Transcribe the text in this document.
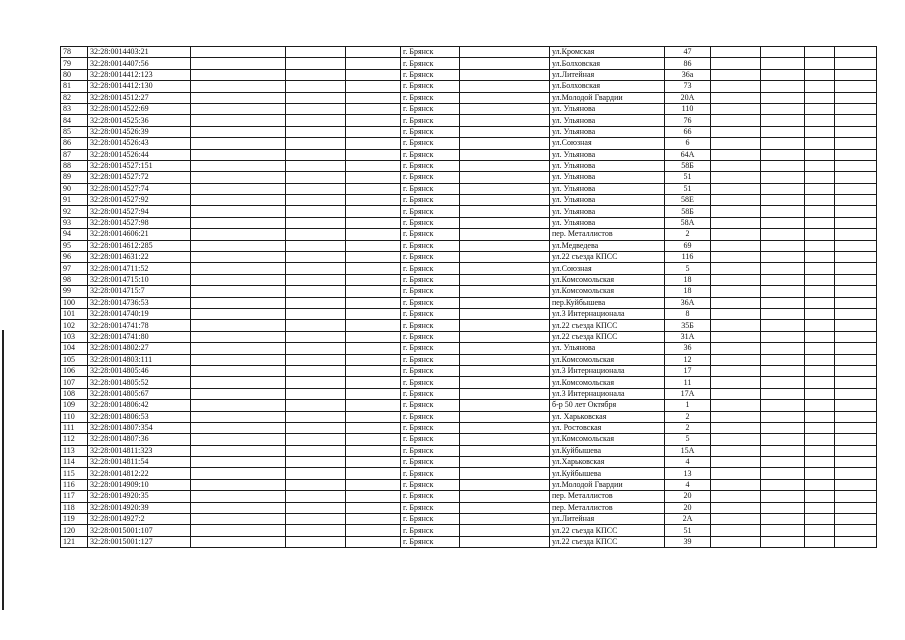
78	32:28:0014403:21				г. Брянск		ул.Кромская	47				
79	32:28:0014407:56				г. Брянск		ул.Болховская	86				
80	32:28:0014412:123				г. Брянск		ул.Литейная	36а				
81	32:28:0014412:130				г. Брянск		ул.Болховская	73				
82	32:28:0014512:27				г. Брянск		ул.Молодой Гвардии	20А				
83	32:28:0014522:69				г. Брянск		ул. Ульянова	110				
84	32:28:0014525:36				г. Брянск		ул. Ульянова	76				
85	32:28:0014526:39				г. Брянск		ул. Ульянова	66				
86	32:28:0014526:43				г. Брянск		ул.Союзная	6				
87	32:28:0014526:44				г. Брянск		ул. Ульянова	64А				
88	32:28:0014527:151				г. Брянск		ул. Ульянова	58Б				
89	32:28:0014527:72				г. Брянск		ул. Ульянова	51				
90	32:28:0014527:74				г. Брянск		ул. Ульянова	51				
91	32:28:0014527:92				г. Брянск		ул. Ульянова	58Е				
92	32:28:0014527:94				г. Брянск		ул. Ульянова	58Б				
93	32:28:0014527:98				г. Брянск		ул. Ульянова	58А				
94	32:28:0014606:21				г. Брянск		пер. Металлистов	2				
95	32:28:0014612:285				г. Брянск		ул.Медведева	69				
96	32:28:0014631:22				г. Брянск		ул.22 съезда КПСС	116				
97	32:28:0014711:52				г. Брянск		ул.Союзная	5				
98	32:28:0014715:10				г. Брянск		ул.Комсомольская	18				
99	32:28:0014715:7				г. Брянск		ул.Комсомольская	18				
100	32:28:0014736:53				г. Брянск		пер.Куйбышева	36А				
101	32:28:0014740:19				г. Брянск		ул.3 Интернационала	8				
102	32:28:0014741:78				г. Брянск		ул.22 съезда КПСС	35Б				
103	32:28:0014741:80				г. Брянск		ул.22 съезда КПСС	31А				
104	32:28:0014802:27				г. Брянск		ул. Ульянова	36				
105	32:28:0014803:111				г. Брянск		ул.Комсомольская	12				
106	32:28:0014805:46				г. Брянск		ул.3 Интернационала	17				
107	32:28:0014805:52				г. Брянск		ул.Комсомольская	11				
108	32:28:0014805:67				г. Брянск		ул.3 Интернационала	17А				
109	32:28:0014806:42				г. Брянск		б-р 50 лет Октября	1				
110	32:28:0014806:53				г. Брянск		ул. Харьковская	2				
111	32:28:0014807:354				г. Брянск		ул. Ростовская	2				
112	32:28:0014807:36				г. Брянск		ул.Комсомольская	5				
113	32:28:0014811:323				г. Брянск		ул.Куйбышева	15А				
114	32:28:0014811:54				г. Брянск		ул.Харьковская	4				
115	32:28:0014812:22				г. Брянск		ул.Куйбышева	13				
116	32:28:0014909:10				г. Брянск		ул.Молодой Гвардии	4				
117	32:28:0014920:35				г. Брянск		пер. Металлистов	20				
118	32:28:0014920:39				г. Брянск		пер. Металлистов	20				
119	32:28:0014927:2				г. Брянск		ул.Литейная	2А				
120	32:28:0015001:107				г. Брянск		ул.22 съезда КПСС	51				
121	32:28:0015001:127				г. Брянск		ул.22 съезда КПСС	39				
